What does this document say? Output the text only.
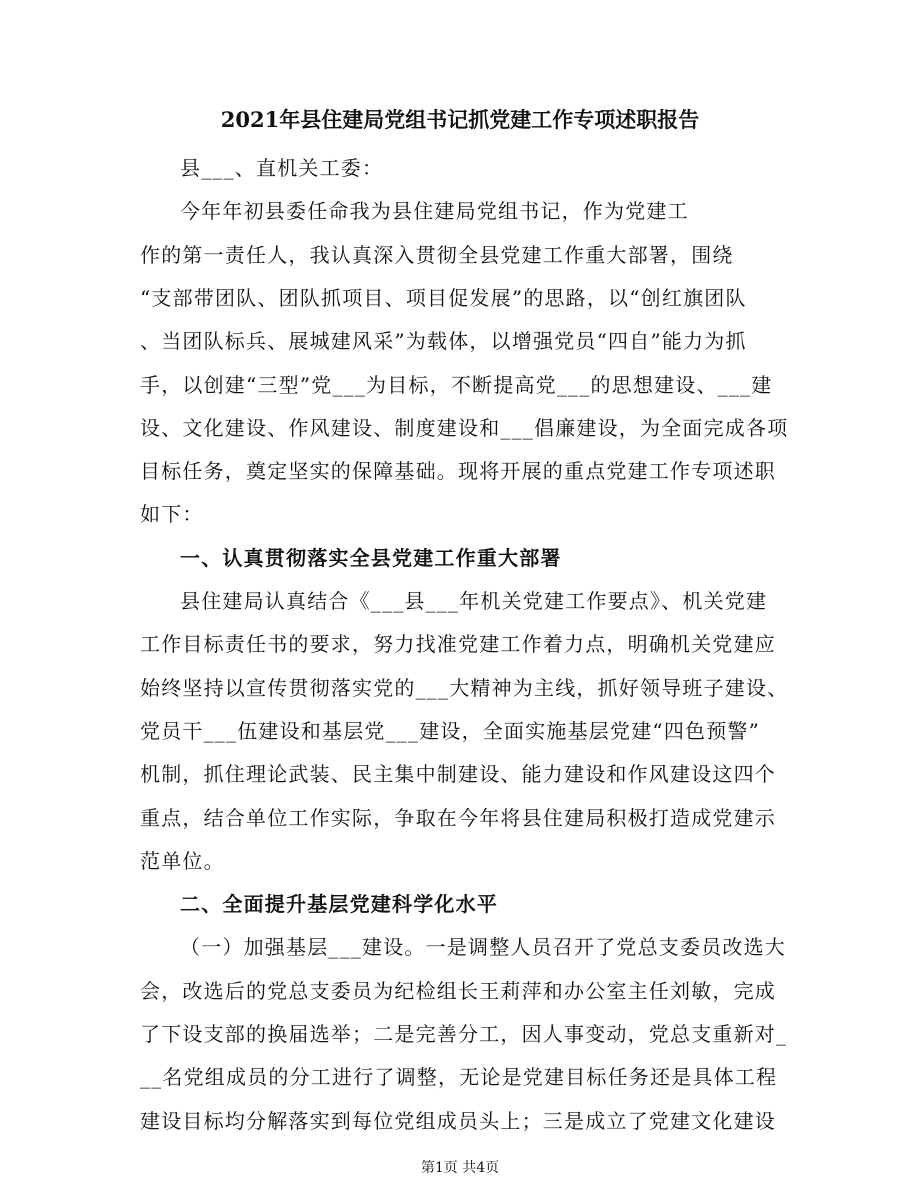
2021年县住建局党组书记抓党建工作专项述职报告
县___、直机关工委：
今年年初县委任命我为县住建局党组书记，作为党建工
作的第一责任人，我认真深入贯彻全县党建工作重大部署，围绕
“支部带团队、团队抓项目、项目促发展”的思路，以“创红旗团队
、当团队标兵、展城建风采”为载体，以增强党员“四自”能力为抓
手，以创建“三型”党___为目标，不断提高党___的思想建设、___建
设、文化建设、作风建设、制度建设和___倡廉建设，为全面完成各项
目标任务，奠定坚实的保障基础。现将开展的重点党建工作专项述职
如下：
一、认真贯彻落实全县党建工作重大部署
县住建局认真结合《___县___年机关党建工作要点》、机关党建
工作目标责任书的要求，努力找准党建工作着力点，明确机关党建应
始终坚持以宣传贯彻落实党的___大精神为主线，抓好领导班子建设、
党员干___伍建设和基层党___建设，全面实施基层党建“四色预警”
机制，抓住理论武装、民主集中制建设、能力建设和作风建设这四个
重点，结合单位工作实际，争取在今年将县住建局积极打造成党建示
范单位。
二、全面提升基层党建科学化水平
（一）加强基层___建设。一是调整人员召开了党总支委员改选大
会，改选后的党总支委员为纪检组长王莉萍和办公室主任刘敏，完成
了下设支部的换届选举；二是完善分工，因人事变动，党总支重新对_
__名党组成员的分工进行了调整，无论是党建目标任务还是具体工程
第1页 共4页
建设目标均分解落实到每位党组成员头上；三是成立了党建文化建设
